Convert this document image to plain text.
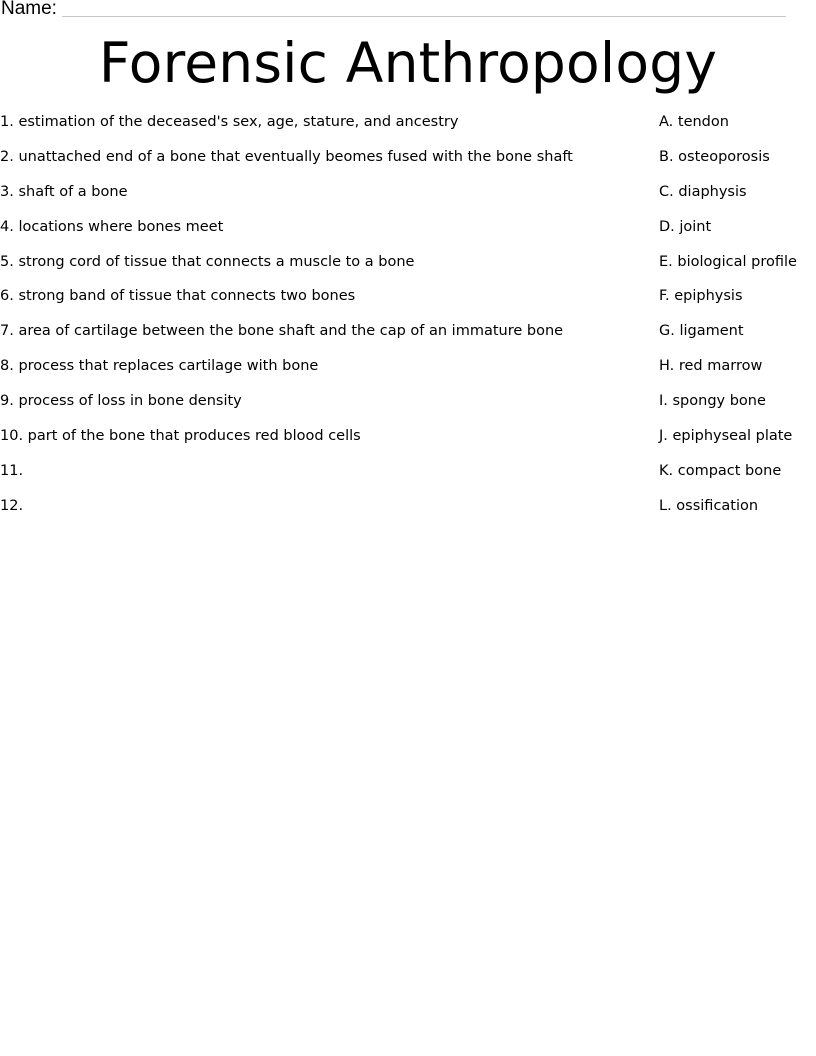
Name:
Forensic Anthropology
1. estimation of the deceased's sex, age, stature, and ancestry
2. unattached end of a bone that eventually beomes fused with the bone shaft
3. shaft of a bone
4. locations where bones meet
5. strong cord of tissue that connects a muscle to a bone
6. strong band of tissue that connects two bones
7. area of cartilage between the bone shaft and the cap of an immature bone
8. process that replaces cartilage with bone
9. process of loss in bone density
10. part of the bone that produces red blood cells
11.
12.
A. tendon
B. osteoporosis
C. diaphysis
D. joint
E. biological profile
F. epiphysis
G. ligament
H. red marrow
I. spongy bone
J. epiphyseal plate
K. compact bone
L. ossification
